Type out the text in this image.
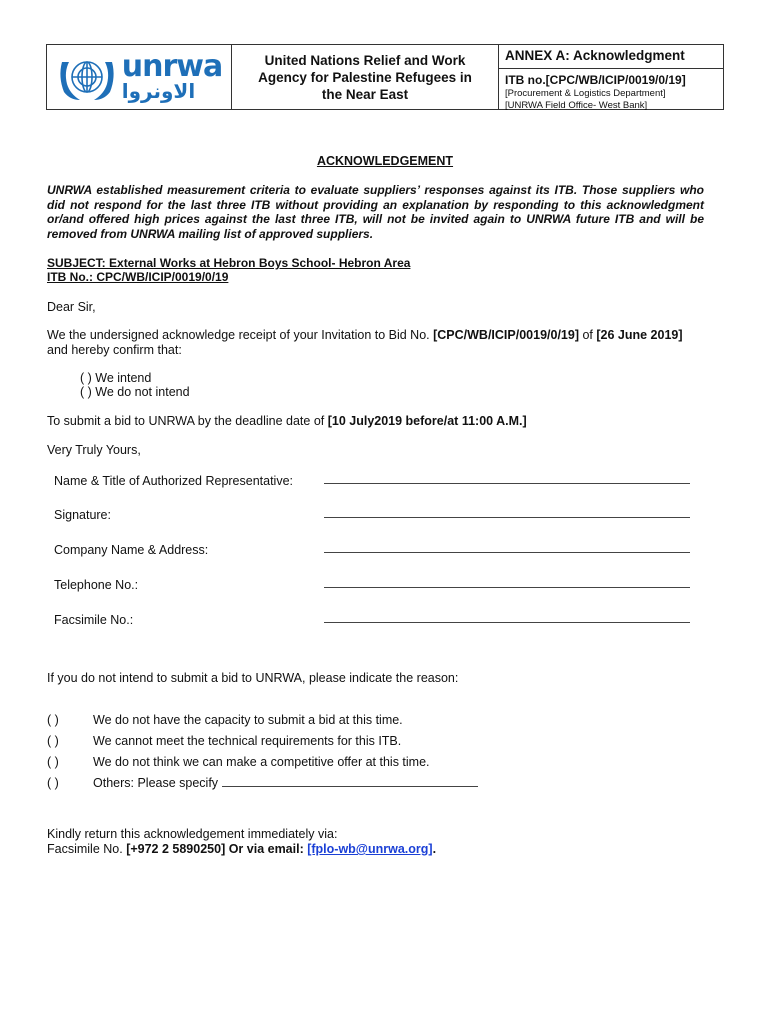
unrwa
الاونروا
United Nations Relief and Work
Agency for Palestine Refugees in
the Near East
ANNEX A: Acknowledgment
ITB no.[CPC/WB/ICIP/0019/0/19]
[Procurement & Logistics Department]
[UNRWA Field Office- West Bank]
ACKNOWLEDGEMENT
UNRWA established measurement criteria to evaluate suppliers’ responses against its ITB. Those suppliers who did not respond for the last three ITB without providing an explanation by responding to this acknowledgment or/and offered high prices against the last three ITB, will not be invited again to UNRWA future ITB and will be removed from UNRWA mailing list of approved suppliers.
SUBJECT: External Works at Hebron Boys School- Hebron Area
ITB No.: CPC/WB/ICIP/0019/0/19
Dear Sir,
We the undersigned acknowledge receipt of your Invitation to Bid No. [CPC/WB/ICIP/0019/0/19] of [26 June 2019]
and hereby confirm that:
( ) We intend
( ) We do not intend
To submit a bid to UNRWA by the deadline date of [10 July2019 before/at 11:00 A.M.]
Very Truly Yours,
Name & Title of Authorized Representative:
Signature:
Company Name & Address:
Telephone No.:
Facsimile No.:
If you do not intend to submit a bid to UNRWA, please indicate the reason:
( )	We do not have the capacity to submit a bid at this time.
( )	We cannot meet the technical requirements for this ITB.
( )	We do not think we can make a competitive offer at this time.
( )	Others: Please specify
Kindly return this acknowledgement immediately via:
Facsimile No. [+972 2 5890250] Or via email: [fplo-wb@unrwa.org].
